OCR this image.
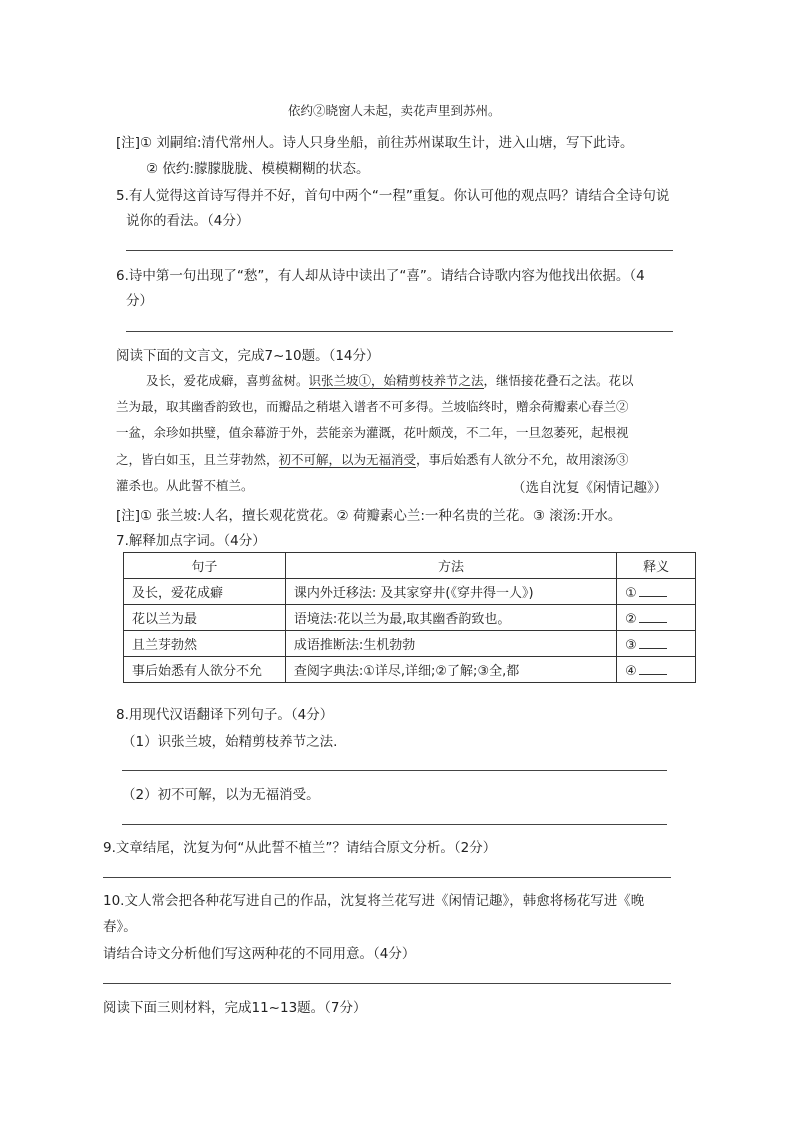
依约②晓窗人未起，卖花声里到苏州。
[注]① 刘嗣绾:清代常州人。诗人只身坐船，前往苏州谋取生计，进入山塘，写下此诗。
② 依约:朦朦胧胧、模模糊糊的状态。
5.有人觉得这首诗写得并不好，首句中两个“一程”重复。你认可他的观点吗？请结合全诗句说
说你的看法。（4分）
6.诗中第一句出现了“愁”，有人却从诗中读出了“喜”。请结合诗歌内容为他找出依据。（4
分）
阅读下面的文言文，完成7~10题。（14分）
及长，爱花成癖，喜剪盆树。识张兰坡①，始精剪枝养节之法，继悟接花叠石之法。花以
兰为最，取其幽香韵致也，而瓣品之稍堪入谱者不可多得。兰坡临终时，赠余荷瓣素心春兰②
一盆，余珍如拱璧，值余幕游于外，芸能亲为灌溉，花叶颇茂，不二年，一旦忽萎死，起根视
之，皆白如玉，且兰芽勃然，初不可解，以为无福消受，事后始悉有人欲分不允，故用滚汤③
灌杀也。从此誓不植兰。	（选自沈复《闲情记趣》）
[注]① 张兰坡:人名，擅长观花赏花。② 荷瓣素心兰:一种名贵的兰花。③ 滚汤:开水。
7.解释加点字词。（4分）
句子	方法	释义
及长，爱花成癖	课内外迁移法: 及其家穿井(《穿井得一人》)	①
花以兰为最	语境法:花以兰为最,取其幽香韵致也。	②
且兰芽勃然	成语推断法:生机勃勃	③
事后始悉有人欲分不允	查阅字典法:①详尽,详细;②了解;③全,都	④
8.用现代汉语翻译下列句子。（4分）
（1）识张兰坡，始精剪枝养节之法.
（2）初不可解，以为无福消受。
9.文章结尾，沈复为何“从此誓不植兰”？请结合原文分析。（2分）
10.文人常会把各种花写进自己的作品，沈复将兰花写进《闲情记趣》，韩愈将杨花写进《晚
春》。
请结合诗文分析他们写这两种花的不同用意。（4分）
阅读下面三则材料，完成11~13题。（7分）
